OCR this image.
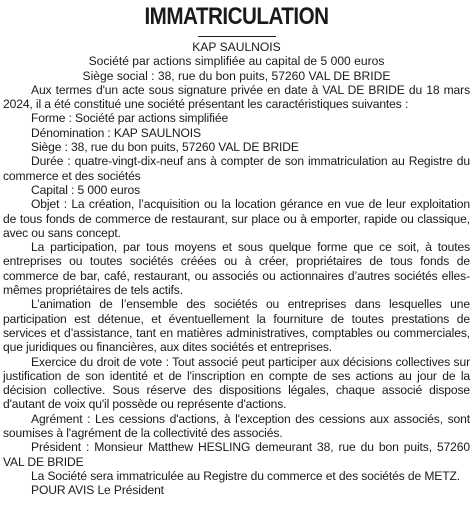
IMMATRICULATION

KAP SAULNOIS

Société par actions simplifiée au capital de 5 000 euros

Siège social : 38, rue du bon puits, 57260 VAL DE BRIDE

Aux termes d'un acte sous signature privée en date à VAL DE BRIDE du 18 mars 2024, il a été constitué une société présentant les caractéristiques suivantes :

Forme : Société par actions simplifiée

Dénomination : KAP SAULNOIS

Siège : 38, rue du bon puits, 57260 VAL DE BRIDE

Durée : quatre-vingt-dix-neuf ans à compter de son immatriculation au Registre du commerce et des sociétés

Capital : 5 000 euros

Objet : La création, l’acquisition ou la location gérance en vue de leur exploitation de tous fonds de commerce de restaurant, sur place ou à emporter, rapide ou classique, avec ou sans concept.

La participation, par tous moyens et sous quelque forme que ce soit, à toutes entreprises ou toutes sociétés créées ou à créer, propriétaires de tous fonds de commerce de bar, café, restaurant, ou associés ou actionnaires d’autres sociétés elles-mêmes propriétaires de tels actifs.

L’animation de l’ensemble des sociétés ou entreprises dans lesquelles une participation est détenue, et éventuellement la fourniture de toutes prestations de services et d’assistance, tant en matières administratives, comptables ou commerciales, que juridiques ou financières, aux dites sociétés et entreprises.

Exercice du droit de vote : Tout associé peut participer aux décisions collectives sur justification de son identité et de l'inscription en compte de ses actions au jour de la décision collective. Sous réserve des dispositions légales, chaque associé dispose d'autant de voix qu'il possède ou représente d'actions.

Agrément : Les cessions d'actions, à l'exception des cessions aux associés, sont soumises à l'agrément de la collectivité des associés.

Président : Monsieur Matthew HESLING demeurant 38, rue du bon puits, 57260 VAL DE BRIDE

La Société sera immatriculée au Registre du commerce et des sociétés de METZ.

POUR AVIS Le Président
